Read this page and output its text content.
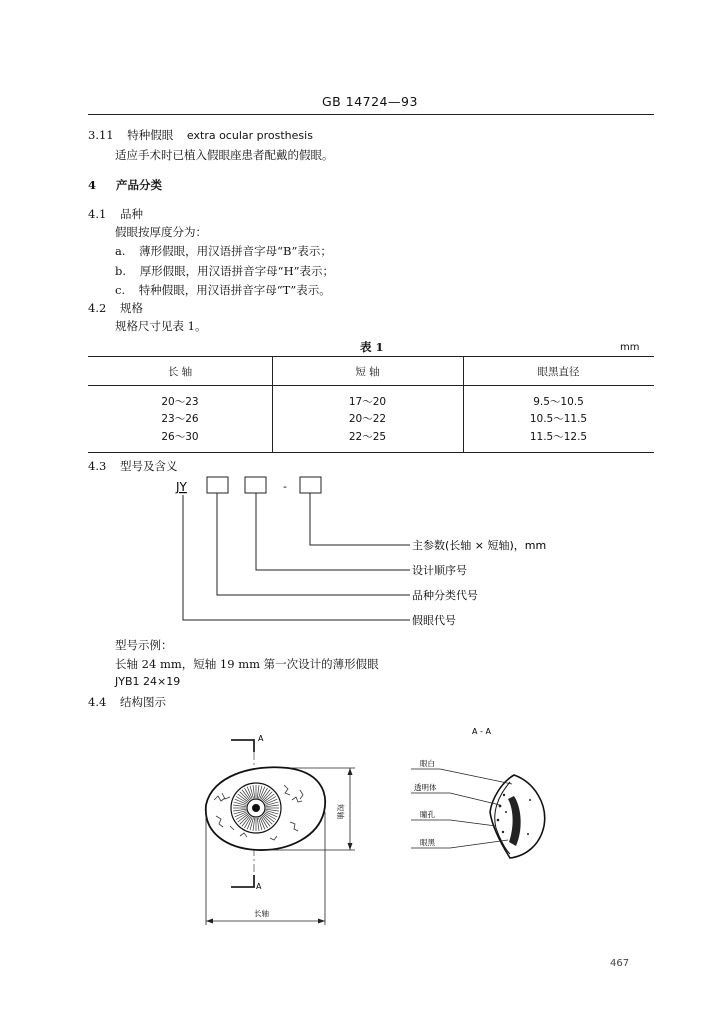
GB 14724—93
3.11 特种假眼 extra ocular prosthesis
适应手术时已植入假眼座患者配戴的假眼。
4 产品分类
4.1 品种
假眼按厚度分为：
a. 薄形假眼，用汉语拼音字母“B”表示；
b. 厚形假眼，用汉语拼音字母“H”表示；
c. 特种假眼，用汉语拼音字母“T”表示。
4.2 规格
规格尺寸见表 1。
表 1	mm
长 轴	短 轴	眼黑直径
20～23	17～20	9.5～10.5
23～26	20～22	10.5～11.5
26～30	22～25	11.5～12.5
4.3 型号及含义
JY	-
主参数(长轴 × 短轴)，mm
设计顺序号
品种分类代号
假眼代号
型号示例：
长轴 24 mm，短轴 19 mm 第一次设计的薄形假眼
JYB1 24×19
4.4 结构图示
A
A
长轴
短轴
A - A
眼白
透明体
瞳孔
眼黑
467
